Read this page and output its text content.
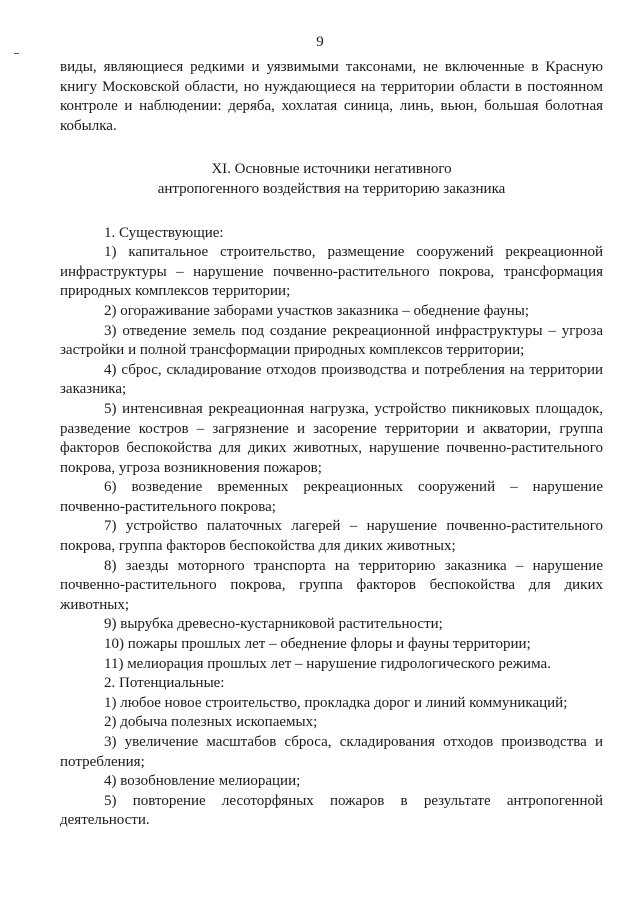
9

виды, являющиеся редкими и уязвимыми таксонами, не включенные в Красную книгу Московской области, но нуждающиеся на территории области в постоянном контроле и наблюдении: деряба, хохлатая синица, линь, вьюн, большая болотная кобылка.

XI. Основные источники негативного

антропогенного воздействия на территорию заказника

1. Существующие:

1) капитальное строительство, размещение сооружений рекреационной инфраструктуры – нарушение почвенно-растительного покрова, трансформация природных комплексов территории;

2) огораживание заборами участков заказника – обеднение фауны;

3) отведение земель под создание рекреационной инфраструктуры – угроза застройки и полной трансформации природных комплексов территории;

4) сброс, складирование отходов производства и потребления на территории заказника;

5) интенсивная рекреационная нагрузка, устройство пикниковых площадок, разведение костров – загрязнение и засорение территории и акватории, группа факторов беспокойства для диких животных, нарушение почвенно-растительного покрова, угроза возникновения пожаров;

6) возведение временных рекреационных сооружений – нарушение почвенно-растительного покрова;

7) устройство палаточных лагерей – нарушение почвенно-растительного покрова, группа факторов беспокойства для диких животных;

8) заезды моторного транспорта на территорию заказника – нарушение почвенно-растительного покрова, группа факторов беспокойства для диких животных;

9) вырубка древесно-кустарниковой растительности;

10) пожары прошлых лет – обеднение флоры и фауны территории;

11) мелиорация прошлых лет – нарушение гидрологического режима.

2. Потенциальные:

1) любое новое строительство, прокладка дорог и линий коммуникаций;

2) добыча полезных ископаемых;

3) увеличение масштабов сброса, складирования отходов производства и потребления;

4) возобновление мелиорации;

5) повторение лесоторфяных пожаров в результате антропогенной деятельности.
